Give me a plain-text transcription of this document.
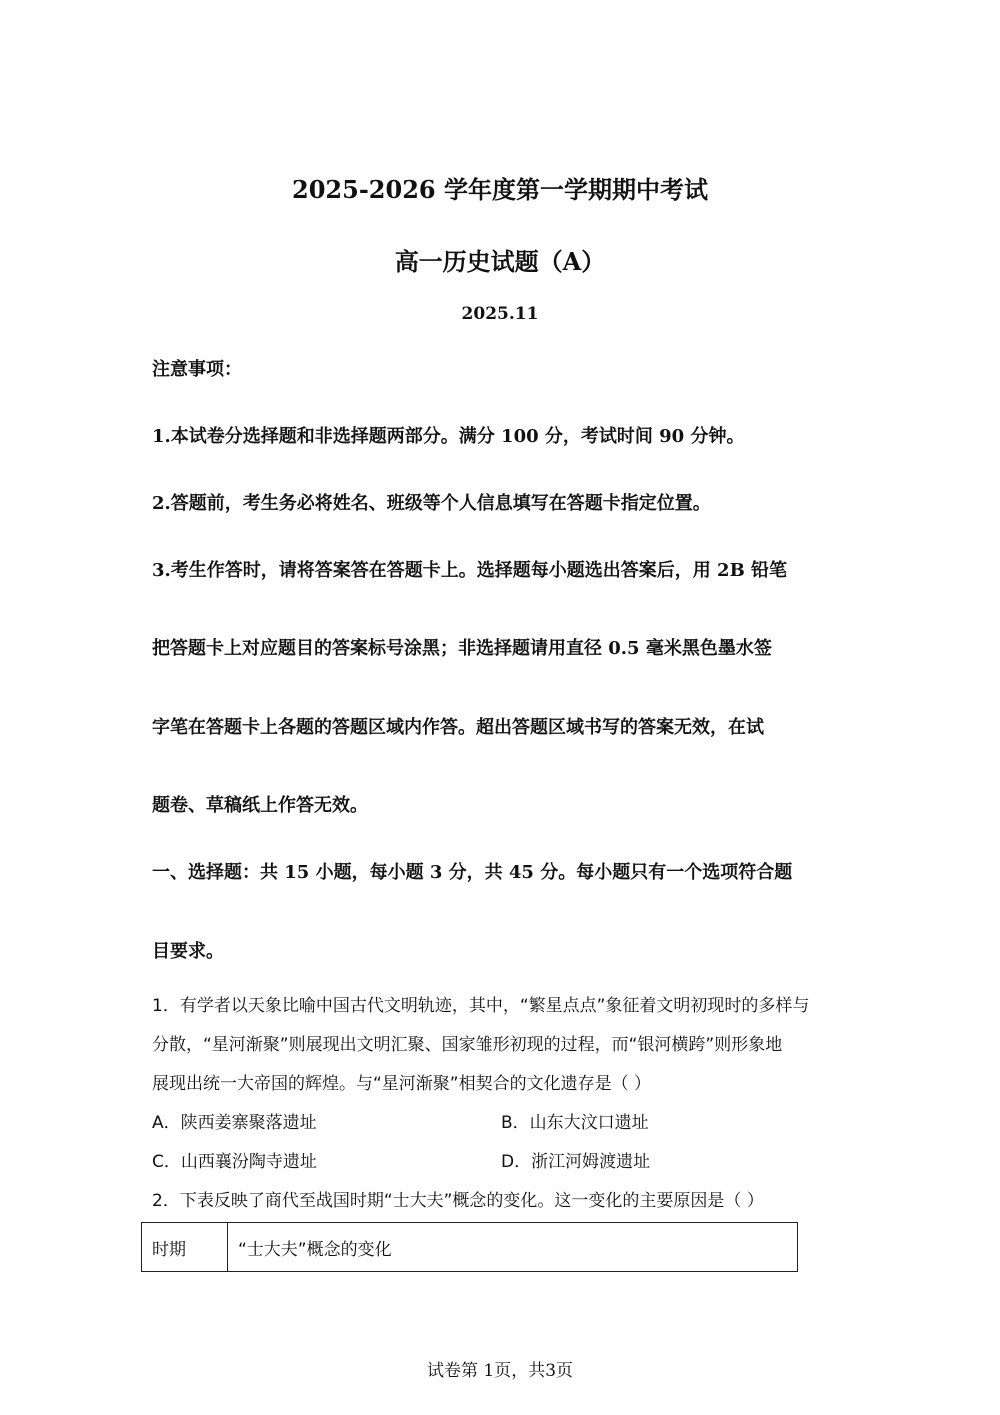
2025-2026 学年度第一学期期中考试
高一历史试题（A）
2025.11
注意事项：
1.本试卷分选择题和非选择题两部分。满分 100 分，考试时间 90 分钟。
2.答题前，考生务必将姓名、班级等个人信息填写在答题卡指定位置。
3.考生作答时，请将答案答在答题卡上。选择题每小题选出答案后，用 2B 铅笔
把答题卡上对应题目的答案标号涂黑；非选择题请用直径 0.5 毫米黑色墨水签
字笔在答题卡上各题的答题区域内作答。超出答题区域书写的答案无效，在试
题卷、草稿纸上作答无效。
一、选择题：共 15 小题，每小题 3 分，共 45 分。每小题只有一个选项符合题
目要求。
1．有学者以天象比喻中国古代文明轨迹，其中，“繁星点点”象征着文明初现时的多样与
分散，“星河渐聚”则展现出文明汇聚、国家雏形初现的过程，而“银河横跨”则形象地
展现出统一大帝国的辉煌。与“星河渐聚”相契合的文化遗存是（ ）
A．陕西姜寨聚落遗址	B．山东大汶口遗址
C．山西襄汾陶寺遗址	D．浙江河姆渡遗址
2．下表反映了商代至战国时期“士大夫”概念的变化。这一变化的主要原因是（ ）
时期	“士大夫”概念的变化
试卷第 1页，共3页
